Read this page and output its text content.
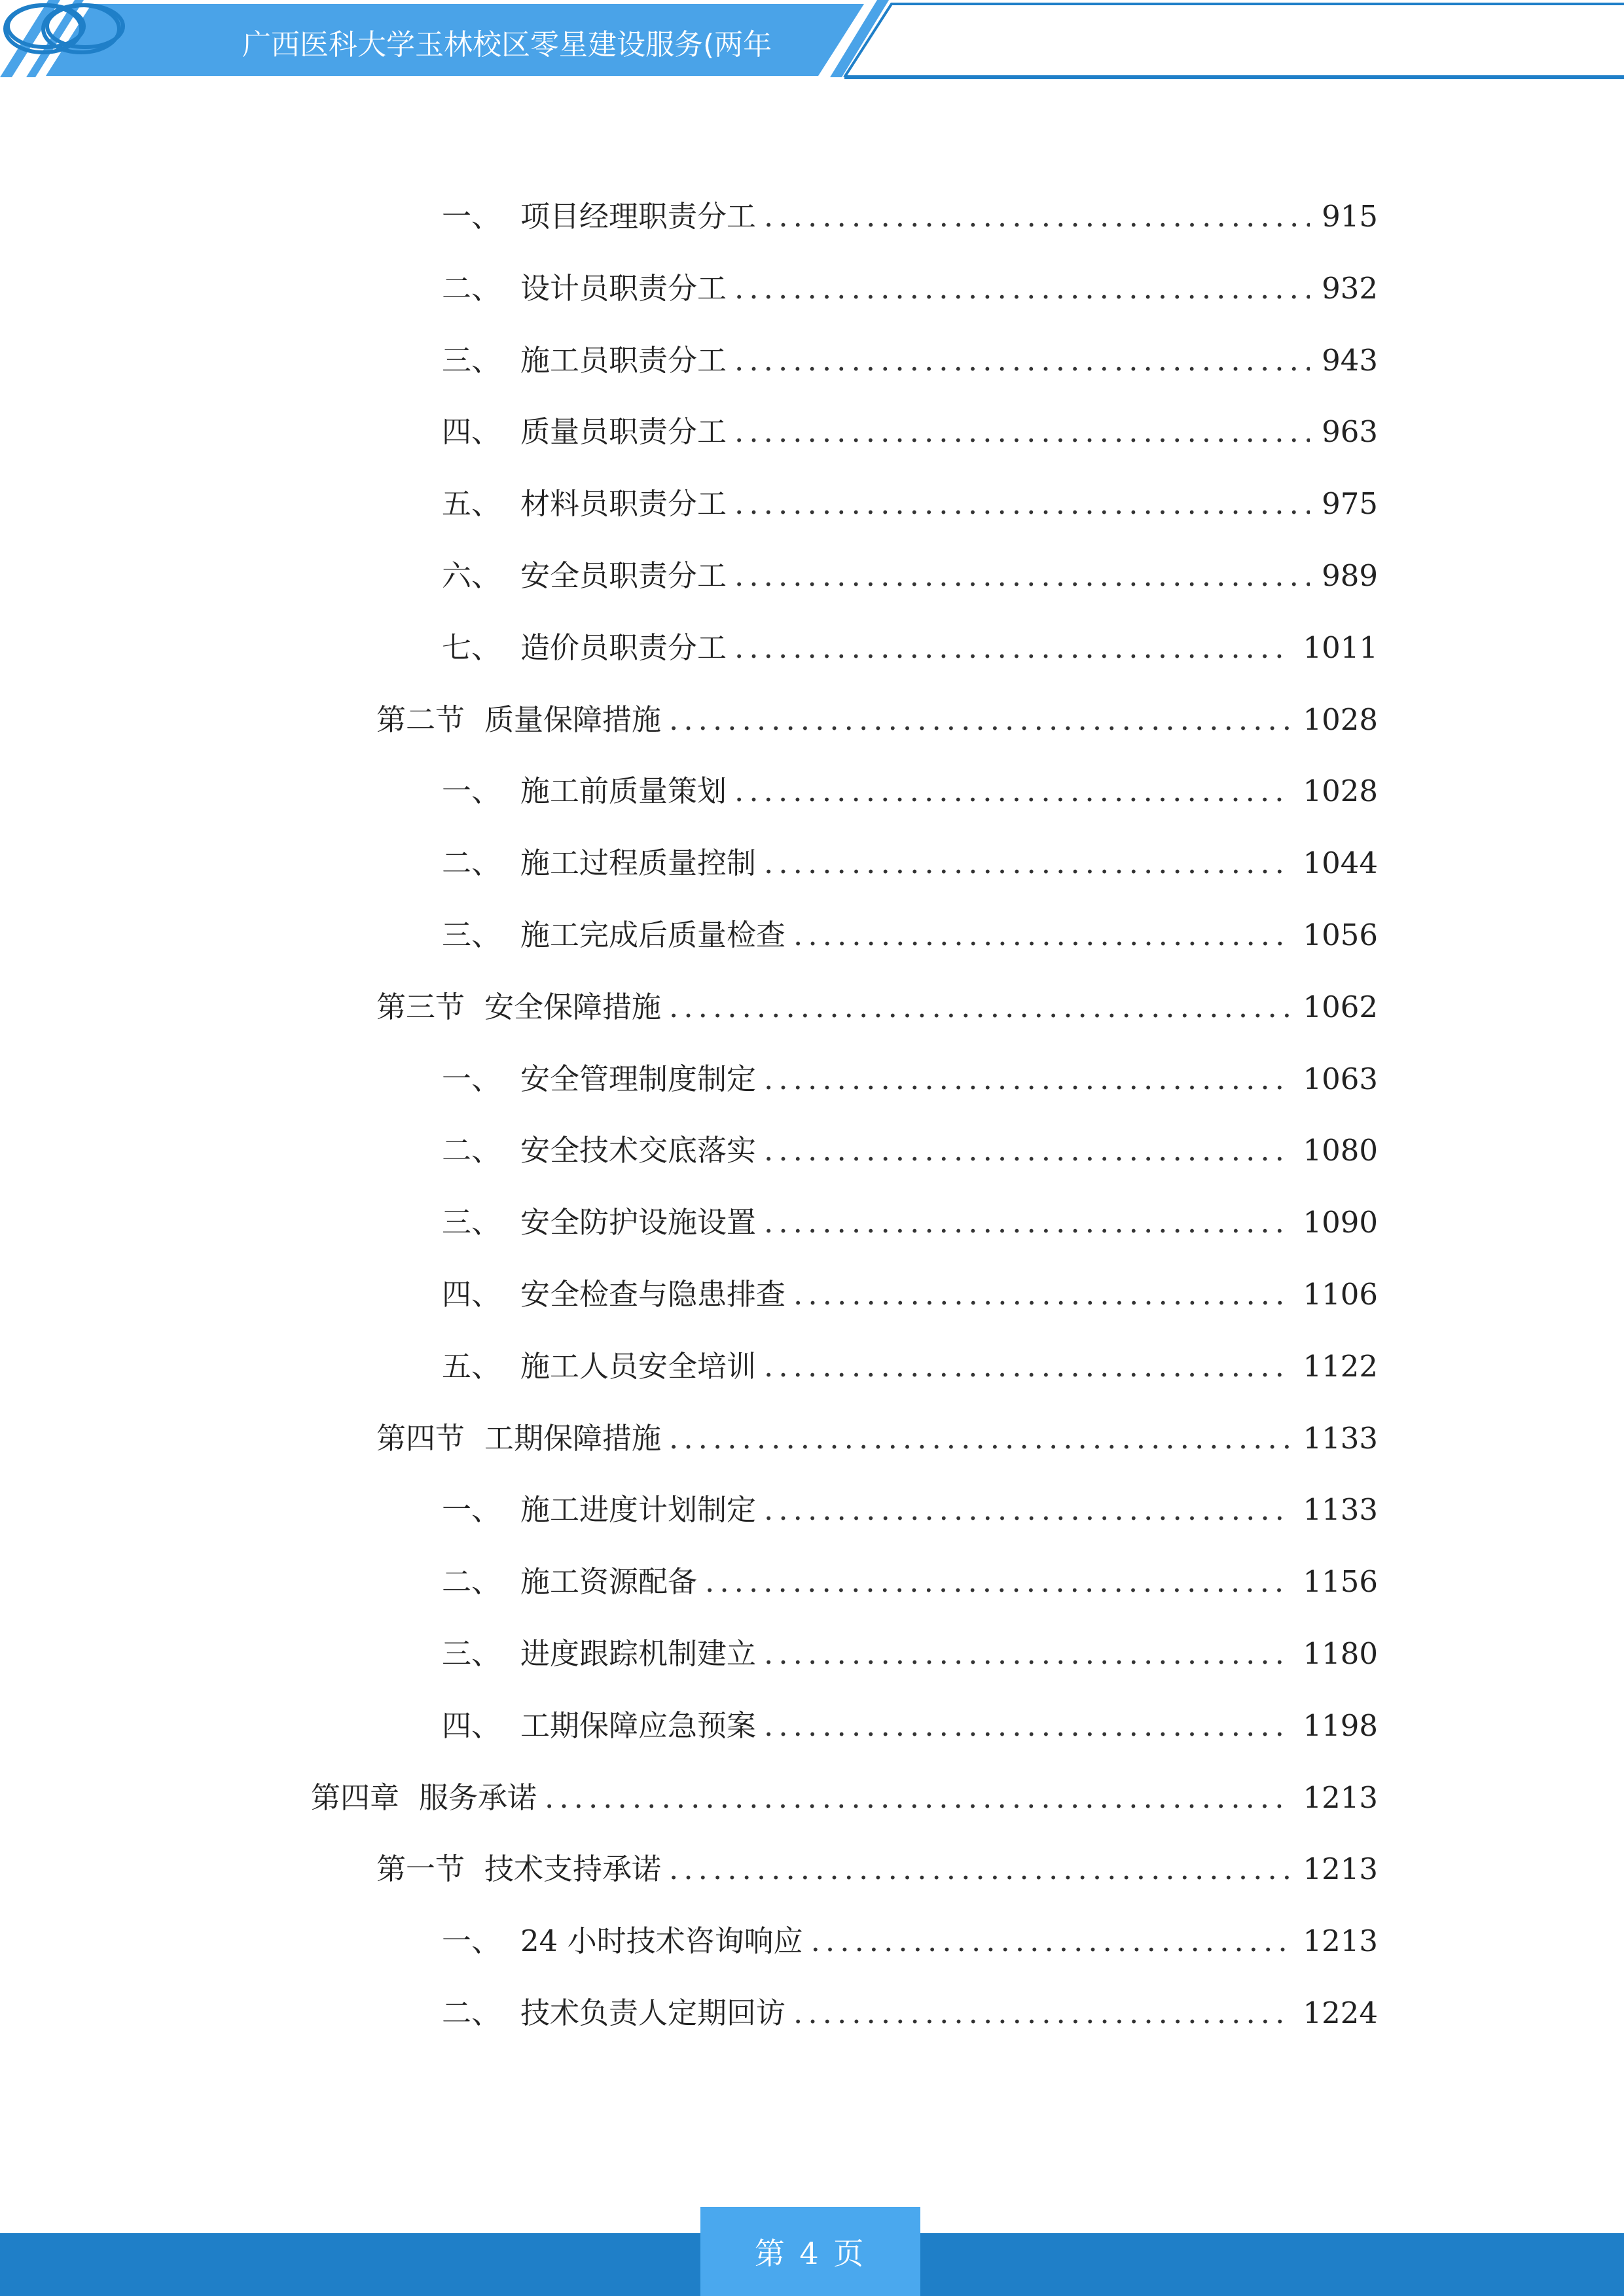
广西医科大学玉林校区零星建设服务(两年
一、 项目经理职责分工 .....	915
二、 设计员职责分工 .....	932
三、 施工员职责分工 .....	943
四、 质量员职责分工 .....	963
五、 材料员职责分工 .....	975
六、 安全员职责分工 .....	989
七、 造价员职责分工 .....	1011
第二节 质量保障措施 .....	1028
一、 施工前质量策划 .....	1028
二、 施工过程质量控制 .....	1044
三、 施工完成后质量检查 .....	1056
第三节 安全保障措施 .....	1062
一、 安全管理制度制定 .....	1063
二、 安全技术交底落实 .....	1080
三、 安全防护设施设置 .....	1090
四、 安全检查与隐患排查 .....	1106
五、 施工人员安全培训 .....	1122
第四节 工期保障措施 .....	1133
一、 施工进度计划制定 .....	1133
二、 施工资源配备 .....	1156
三、 进度跟踪机制建立 .....	1180
四、 工期保障应急预案 .....	1198
第四章 服务承诺 .....	1213
第一节 技术支持承诺 .....	1213
一、 24 小时技术咨询响应 .....	1213
二、 技术负责人定期回访 .....	1224
第 4 页
